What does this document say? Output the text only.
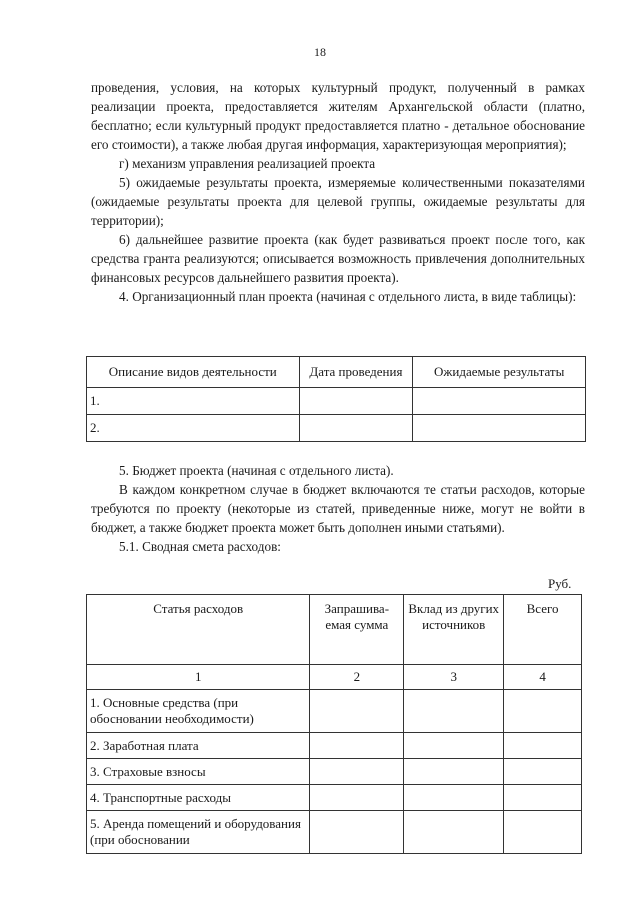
18

проведения, условия, на которых культурный продукт, полученный в рамках реализации проекта, предоставляется жителям Архангельской области (платно, бесплатно; если культурный продукт предоставляется платно - детальное обоснование его стоимости), а также любая другая информация, характеризующая мероприятия);

г) механизм управления реализацией проекта

5) ожидаемые результаты проекта, измеряемые количественными показателями (ожидаемые результаты проекта для целевой группы, ожидаемые результаты для территории);

6) дальнейшее развитие проекта (как будет развиваться проект после того, как средства гранта реализуются; описывается возможность привлечения дополнительных финансовых ресурсов дальнейшего развития проекта).

4. Организационный план проекта (начиная с отдельного листа, в виде таблицы):

Описание видов деятельности	Дата проведения	Ожидаемые результаты
1.		
2.		

5. Бюджет проекта (начиная с отдельного листа).

В каждом конкретном случае в бюджет включаются те статьи расходов, которые требуются по проекту (некоторые из статей, приведенные ниже, могут не войти в бюджет, а также бюджет проекта может быть дополнен иными статьями).

5.1. Сводная смета расходов:

Руб.
Статья расходов	Запрашива-емая сумма	Вклад из других источников	Всего
1	2	3	4
1. Основные средства (при обосновании необходимости)			
2. Заработная плата			
3. Страховые взносы			
4. Транспортные расходы			
5. Аренда помещений и оборудования (при обосновании			
